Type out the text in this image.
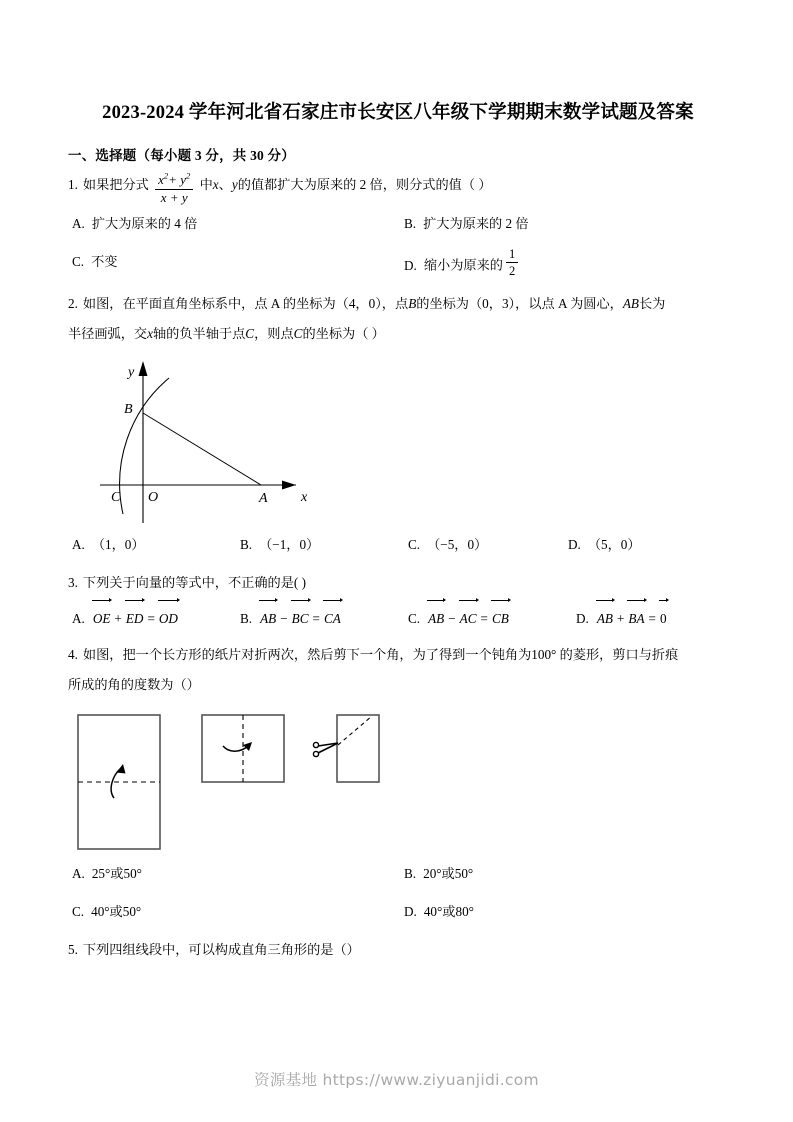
2023-2024 学年河北省石家庄市长安区八年级下学期期末数学试题及答案
一、选择题（每小题 3 分，共 30 分）
1. 如果把分式 $\frac{x^2+ y^2}{x + y}$ 中x、y的值都扩大为原来的 2 倍，则分式的值（ ）
A. 扩大为原来的 4 倍	B. 扩大为原来的 2 倍
C. 不变	D. 缩小为原来的 $\frac{1}{2}$
2. 如图，在平面直角坐标系中，点 A 的坐标为（4，0），点B的坐标为（0，3），以点 A 为圆心，AB长为
半径画弧，交x轴的负半轴于点C，则点C的坐标为（ ）
B
O	A
C	x
y
A. （1，0）	B. （−1，0）	C. （−5，0）	D. （5，0）
3. 下列关于向量的等式中，不正确的是( )
A. OE + ED = OD	B. AB − BC = CA	C. AB − AC = CB	D. AB + BA = 0
4. 如图，把一个长方形的纸片对折两次，然后剪下一个角，为了得到一个钝角为100° 的菱形，剪口与折痕
所成的角的度数为（）
A. 25°或50°	B. 20°或50°
C. 40°或50°	D. 40°或80°
5. 下列四组线段中，可以构成直角三角形的是（）
资源基地 https://www.ziyuanjidi.com
